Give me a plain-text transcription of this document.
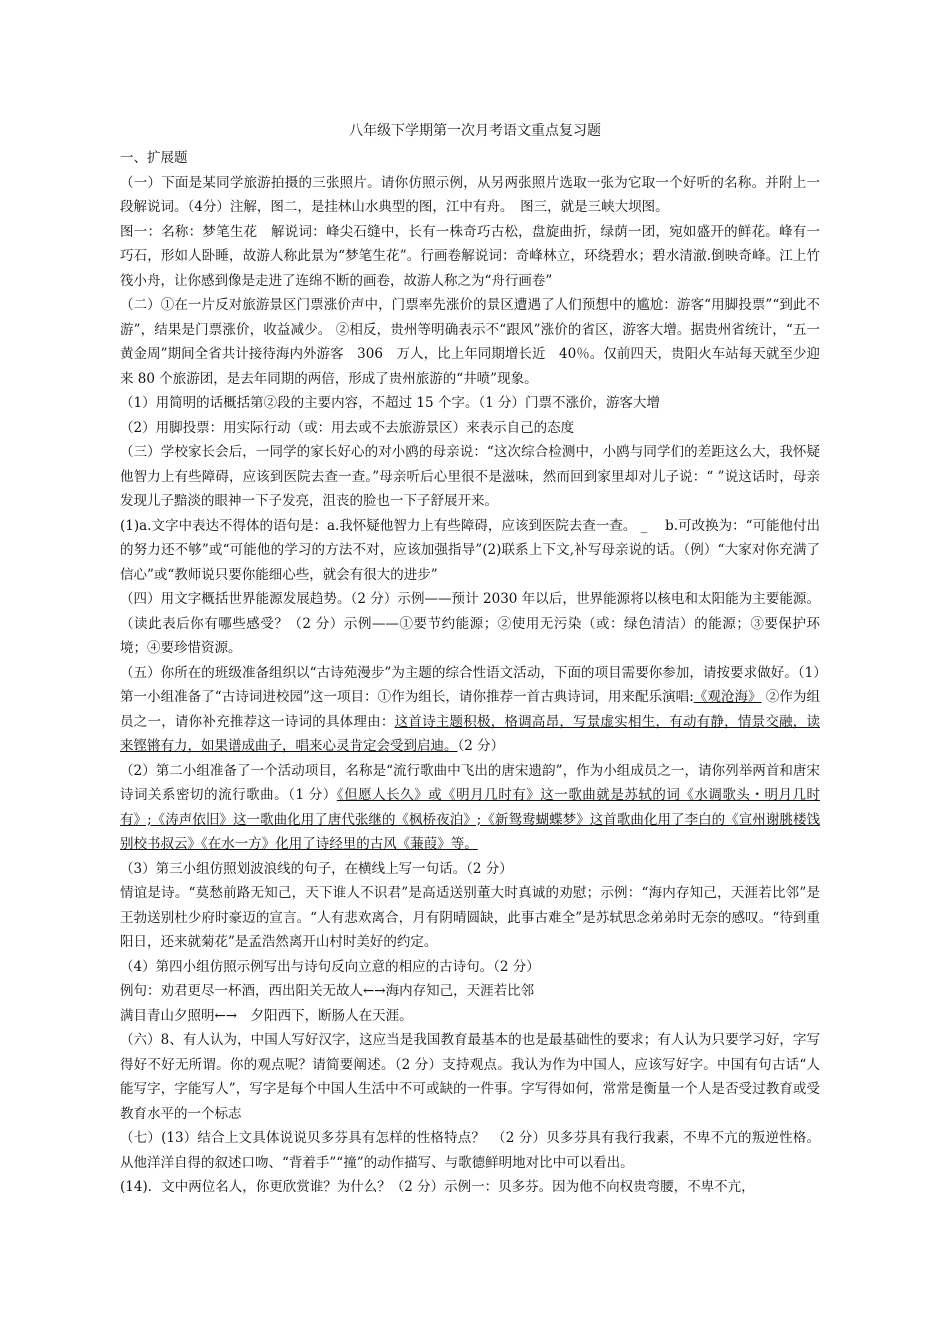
八年级下学期第一次月考语文重点复习题

一、扩展题

（一）下面是某同学旅游拍摄的三张照片。请你仿照示例，从另两张照片选取一张为它取一个好听的名称。并附上一段解说词。（4分）注解，图二，是挂林山水典型的图，江中有舟。　图三，就是三峡大坝图。

图一：名称：梦笔生花　解说词：峰尖石缝中，长有一株奇巧古松，盘旋曲折，绿荫一团，宛如盛开的鲜花。峰有一巧石，形如人卧睡，故游人称此景为“梦笔生花”。行画卷解说词：奇峰林立，环绕碧水；碧水清澈.倒映奇峰。江上竹筏小舟，让你感到像是走进了连绵不断的画卷，故游人称之为“舟行画卷”

（二）①在一片反对旅游景区门票涨价声中，门票率先涨价的景区遭遇了人们预想中的尴尬：游客“用脚投票”“到此不游”，结果是门票涨价，收益减少。 ②相反，贵州等明确表示不“跟风”涨价的省区，游客大增。据贵州省统计，“五一黄金周”期间全省共计接待海内外游客　306　万人，比上年同期增长近　40％。仅前四天，贵阳火车站每天就至少迎来 80 个旅游团，是去年同期的两倍，形成了贵州旅游的“井喷”现象。

（1）用简明的话概括第②段的主要内容，不超过 15 个字。（1 分）门票不涨价，游客大增

（2）用脚投票：用实际行动（或：用去或不去旅游景区）来表示自己的态度

（三）学校家长会后，一同学的家长好心的对小鸥的母亲说：“这次综合检测中，小鸥与同学们的差距这么大，我怀疑他智力上有些障碍，应该到医院去查一查。”母亲听后心里很不是滋味，然而回到家里却对儿子说：“ ”说这话时，母亲发现儿子黯淡的眼神一下子发亮，沮丧的脸也一下子舒展开来。

(1)a.文字中表达不得体的语句是：a.我怀疑他智力上有些障碍，应该到医院去查一查。 _　 b.可改换为：“可能他付出的努力还不够”或“可能他的学习的方法不对，应该加强指导”(2)联系上下文,补写母亲说的话。（例）“大家对你充满了信心”或“教师说只要你能细心些，就会有很大的进步”

（四）用文字概括世界能源发展趋势。（2 分）示例——预计 2030 年以后，世界能源将以核电和太阳能为主要能源。（读此表后你有哪些感受？（2 分）示例——①要节约能源；②使用无污染（或：绿色清洁）的能源；③要保护环境；④要珍惜资源。

（五）你所在的班级准备组织以“古诗苑漫步”为主题的综合性语文活动，下面的项目需要你参加，请按要求做好。（1）第一小组准备了“古诗词进校园”这一项目：①作为组长，请你推荐一首古典诗词，用来配乐演唱:《观沧海》 ②作为组员之一，请你补充推荐这一诗词的具体理由：这首诗主题积极，格调高昂，写景虚实相生，有动有静，情景交融，读来铿锵有力，如果谱成曲子，唱来心灵肯定会受到启迪。（2 分）

（2）第二小组准备了一个活动项目，名称是“流行歌曲中飞出的唐宋遗韵”，作为小组成员之一，请你列举两首和唐宋诗词关系密切的流行歌曲。（1 分）《但愿人长久》或《明月几时有》这一歌曲就是苏轼的词《水调歌头・明月几时有》;《涛声依旧》这一歌曲化用了唐代张继的《枫桥夜泊》;《新鸳鸯蝴蝶梦》这首歌曲化用了李白的《宣州谢朓楼饯别校书叔云》《在水一方》化用了诗经里的古风《蒹葭》等。

（3）第三小组仿照划波浪线的句子，在横线上写一句话。（2 分）

情谊是诗。“莫愁前路无知己，天下谁人不识君”是高适送别董大时真诚的劝慰；示例：“海内存知己，天涯若比邻”是王勃送别杜少府时豪迈的宣言。“人有悲欢离合，月有阴晴圆缺，此事古难全”是苏轼思念弟弟时无奈的感叹。“待到重阳日，还来就菊花”是孟浩然离开山村时美好的约定。

（4）第四小组仿照示例写出与诗句反向立意的相应的古诗句。（2 分）

例句：劝君更尽一杯酒，西出阳关无故人←→海内存知己，天涯若比邻

满目青山夕照明←→　夕阳西下，断肠人在天涯。

（六）8、有人认为，中国人写好汉字，这应当是我国教育最基本的也是最基础性的要求；有人认为只要学习好，字写得好不好无所谓。你的观点呢？请简要阐述。（2 分）支持观点。我认为作为中国人，应该写好字。中国有句古话“人能写字，字能写人”，写字是每个中国人生活中不可或缺的一件事。字写得如何，常常是衡量一个人是否受过教育或受教育水平的一个标志

（七）(13）结合上文具体说说贝多芬具有怎样的性格特点？　（2 分）贝多芬具有我行我素，不卑不亢的叛逆性格。从他洋洋自得的叙述口吻、“背着手”“撞”的动作描写、与歌德鲜明地对比中可以看出。

(14)．文中两位名人，你更欣赏谁？为什么？（2 分）示例一：贝多芬。因为他不向权贵弯腰，不卑不亢，
